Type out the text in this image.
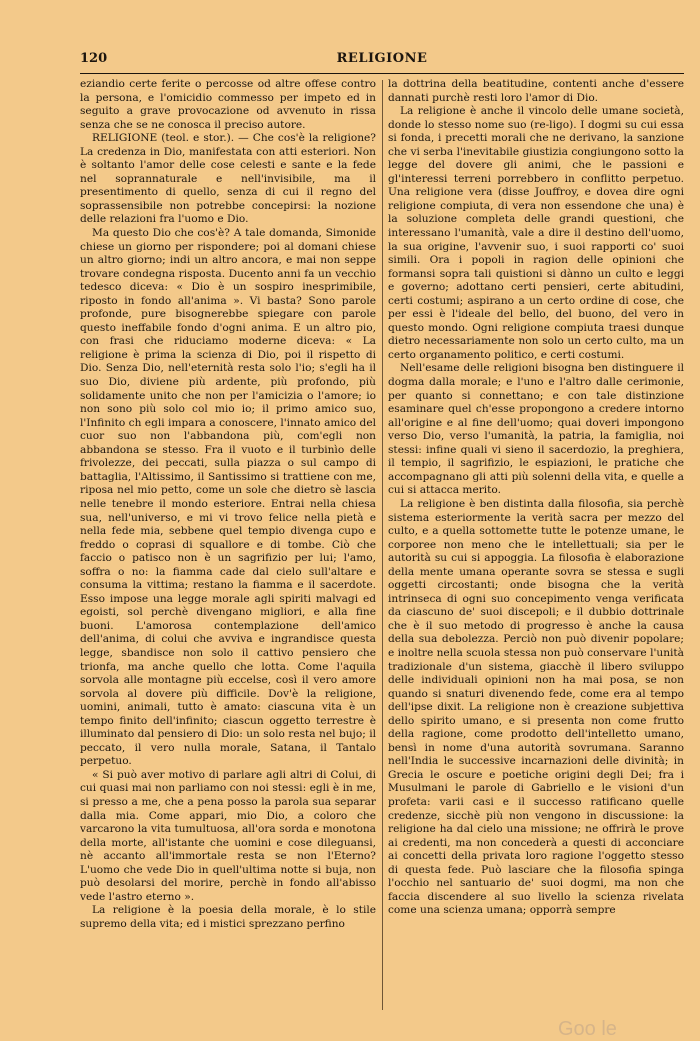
120	RELIGIONE

eziandio certe ferite o percosse od altre offese contro la persona, e l'omicidio commesso per impeto ed in seguito a grave provocazione od avvenuto in rissa senza che se ne conosca il preciso autore.

RELIGIONE (teol. e stor.). — Che cos'è la religione? La credenza in Dio, manifestata con atti esteriori. Non è soltanto l'amor delle cose celesti e sante e la fede nel soprannaturale e nell'invisibile, ma il presentimento di quello, senza di cui il regno del soprassensibile non potrebbe concepirsi: la nozione delle relazioni fra l'uomo e Dio.

Ma questo Dio che cos'è? A tale domanda, Simonide chiese un giorno per rispondere; poi al domani chiese un altro giorno; indi un altro ancora, e mai non seppe trovare condegna risposta. Ducento anni fa un vecchio tedesco diceva: « Dio è un sospiro inesprimibile, riposto in fondo all'anima ». Vi basta? Sono parole profonde, pure bisognerebbe spiegare con parole questo ineffabile fondo d'ogni anima. E un altro pio, con frasi che riduciamo moderne diceva: « La religione è prima la scienza di Dio, poi il rispetto di Dio. Senza Dio, nell'eternità resta solo l'io; s'egli ha il suo Dio, diviene più ardente, più profondo, più solidamente unito che non per l'amicizia o l'amore; io non sono più solo col mio io; il primo amico suo, l'Infinito ch egli impara a conoscere, l'innato amico del cuor suo non l'abbandona più, com'egli non abbandona se stesso. Fra il vuoto e il turbinìo delle frivolezze, dei peccati, sulla piazza o sul campo di battaglia, l'Altissimo, il Santissimo si trattiene con me, riposa nel mio petto, come un sole che dietro sè lascia nelle tenebre il mondo esteriore. Entrai nella chiesa sua, nell'universo, e mi vi trovo felice nella pietà e nella fede mia, sebbene quel tempio divenga cupo e freddo o coprasi di squallore e di tombe. Ciò che faccio o patisco non è un sagrifizio per lui; l'amo, soffra o no: la fiamma cade dal cielo sull'altare e consuma la vittima; restano la fiamma e il sacerdote. Esso impose una legge morale agli spiriti malvagi ed egoisti, sol perchè divengano migliori, e alla fine buoni. L'amorosa contemplazione dell'amico dell'anima, di colui che avviva e ingrandisce questa legge, sbandisce non solo il cattivo pensiero che trionfa, ma anche quello che lotta. Come l'aquila sorvola alle montagne più eccelse, così il vero amore sorvola al dovere più difficile. Dov'è la religione, uomini, animali, tutto è amato: ciascuna vita è un tempo finito dell'infinito; ciascun oggetto terrestre è illuminato dal pensiero di Dio: un solo resta nel bujo; il peccato, il vero nulla morale, Satana, il Tantalo perpetuo.

« Si può aver motivo di parlare agli altri di Colui, di cui quasi mai non parliamo con noi stessi: egli è in me, si presso a me, che a pena posso la parola sua separar dalla mia. Come appari, mio Dio, a coloro che varcarono la vita tumultuosa, all'ora sorda e monotona della morte, all'istante che uomini e cose dileguansi, nè accanto all'immortale resta se non l'Eterno? L'uomo che vede Dio in quell'ultima notte si buja, non può desolarsi del morire, perchè in fondo all'abisso vede l'astro eterno ».

La religione è la poesia della morale, è lo stile supremo della vita; ed i mistici sprezzano perfino

la dottrina della beatitudine, contenti anche d'essere dannati purchè resti loro l'amor di Dio.

La religione è anche il vincolo delle umane società, donde lo stesso nome suo (re-ligo). I dogmi su cui essa si fonda, i precetti morali che ne derivano, la sanzione che vi serba l'inevitabile giustizia congiungono sotto la legge del dovere gli animi, che le passioni e gl'interessi terreni porrebbero in conflitto perpetuo. Una religione vera (disse Jouffroy, e dovea dire ogni religione compiuta, di vera non essendone che una) è la soluzione completa delle grandi questioni, che interessano l'umanità, vale a dire il destino dell'uomo, la sua origine, l'avvenir suo, i suoi rapporti co' suoi simili. Ora i popoli in ragion delle opinioni che formansi sopra tali quistioni si dànno un culto e leggi e governo; adottano certi pensieri, certe abitudini, certi costumi; aspirano a un certo ordine di cose, che per essi è l'ideale del bello, del buono, del vero in questo mondo. Ogni religione compiuta traesi dunque dietro necessariamente non solo un certo culto, ma un certo organamento politico, e certi costumi.

Nell'esame delle religioni bisogna ben distinguere il dogma dalla morale; e l'uno e l'altro dalle cerimonie, per quanto si connettano; e con tale distinzione esaminare quel ch'esse propongono a credere intorno all'origine e al fine dell'uomo; quai doveri impongono verso Dio, verso l'umanità, la patria, la famiglia, noi stessi: infine quali vi sieno il sacerdozio, la preghiera, il tempio, il sagrifizio, le espiazioni, le pratiche che accompagnano gli atti più solenni della vita, e quelle a cui si attacca merito.

La religione è ben distinta dalla filosofia, sia perchè sistema esteriormente la verità sacra per mezzo del culto, e a quella sottomette tutte le potenze umane, le corporee non meno che le intellettuali; sia per le autorità su cui si appoggia. La filosofia è elaborazione della mente umana operante sovra se stessa e sugli oggetti circostanti; onde bisogna che la verità intrinseca di ogni suo concepimento venga verificata da ciascuno de' suoi discepoli; e il dubbio dottrinale che è il suo metodo di progresso è anche la causa della sua debolezza. Perciò non può divenir popolare; e inoltre nella scuola stessa non può conservare l'unità tradizionale d'un sistema, giacchè il libero sviluppo delle individuali opinioni non ha mai posa, se non quando si snaturi divenendo fede, come era al tempo dell'ipse dixit. La religione non è creazione subjettiva dello spirito umano, e si presenta non come frutto della ragione, come prodotto dell'intelletto umano, bensì in nome d'una autorità sovrumana. Saranno nell'India le successive incarnazioni delle divinità; in Grecia le oscure e poetiche origini degli Dei; fra i Musulmani le parole di Gabriello e le visioni d'un profeta: varii casi e il successo ratificano quelle credenze, sicchè più non vengono in discussione: la religione ha dal cielo una missione; ne offrirà le prove ai credenti, ma non concederà a questi di acconciare ai concetti della privata loro ragione l'oggetto stesso di questa fede. Può lasciare che la filosofia spinga l'occhio nel santuario de' suoi dogmi, ma non che faccia discendere al suo livello la scienza rivelata come una scienza umana; opporrà sempre

Goo le
